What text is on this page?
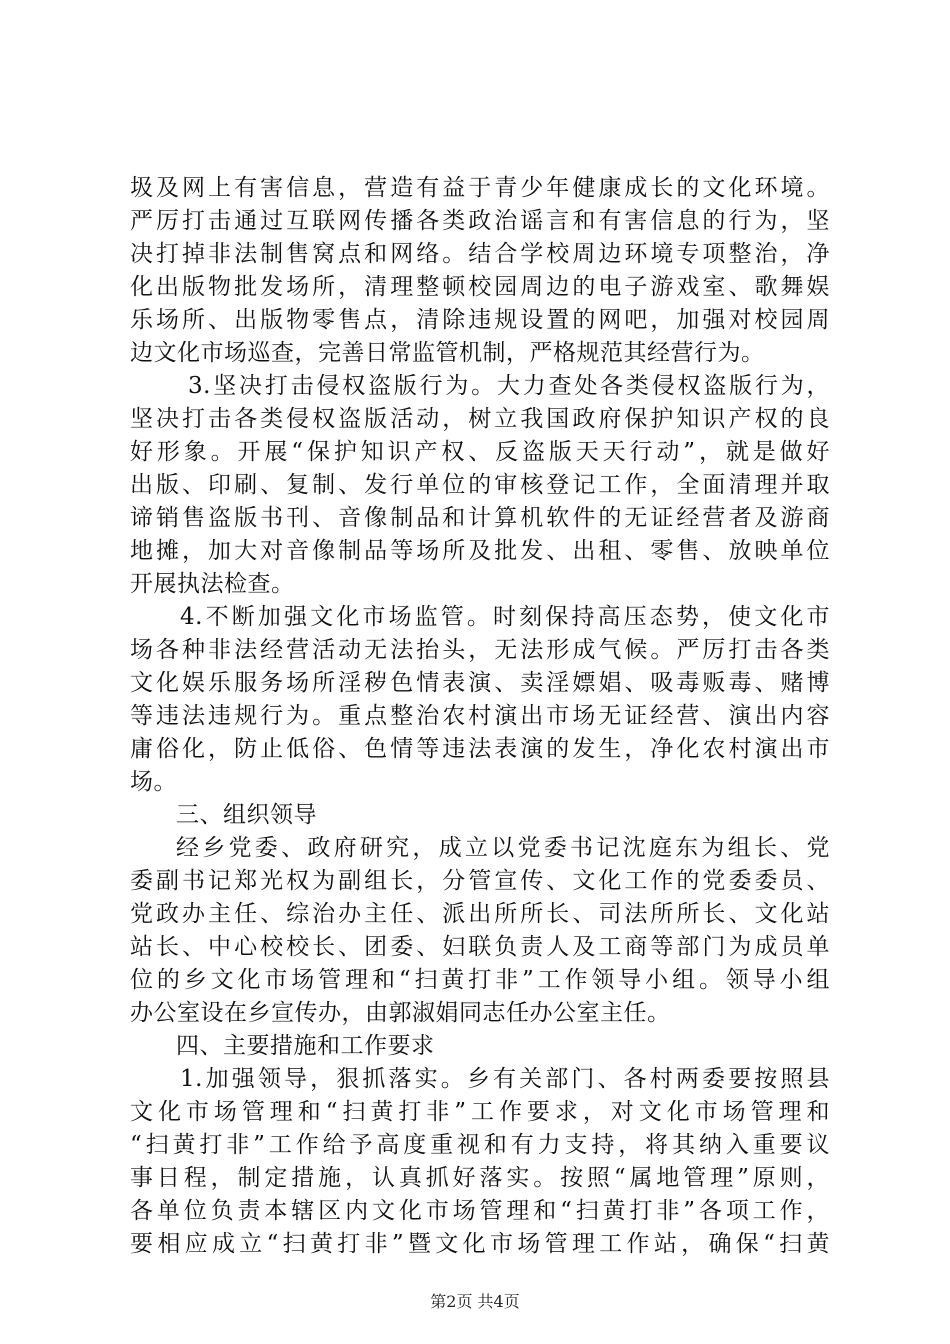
圾及网上有害信息，营造有益于青少年健康成长的文化环境。
严厉打击通过互联网传播各类政治谣言和有害信息的行为，坚
决打掉非法制售窝点和网络。结合学校周边环境专项整治，净
化出版物批发场所，清理整顿校园周边的电子游戏室、歌舞娱
乐场所、出版物零售点，清除违规设置的网吧，加强对校园周
边文化市场巡查，完善日常监管机制，严格规范其经营行为。
3.坚决打击侵权盗版行为。大力查处各类侵权盗版行为，
坚决打击各类侵权盗版活动，树立我国政府保护知识产权的良
好形象。开展“保护知识产权、反盗版天天行动”，就是做好
出版、印刷、复制、发行单位的审核登记工作，全面清理并取
谛销售盗版书刊、音像制品和计算机软件的无证经营者及游商
地摊，加大对音像制品等场所及批发、出租、零售、放映单位
开展执法检查。
4.不断加强文化市场监管。时刻保持高压态势，使文化市
场各种非法经营活动无法抬头，无法形成气候。严厉打击各类
文化娱乐服务场所淫秽色情表演、卖淫嫖娼、吸毒贩毒、赌博
等违法违规行为。重点整治农村演出市场无证经营、演出内容
庸俗化，防止低俗、色情等违法表演的发生，净化农村演出市
场。
三、组织领导
经乡党委、政府研究，成立以党委书记沈庭东为组长、党
委副书记郑光权为副组长，分管宣传、文化工作的党委委员、
党政办主任、综治办主任、派出所所长、司法所所长、文化站
站长、中心校校长、团委、妇联负责人及工商等部门为成员单
位的乡文化市场管理和“扫黄打非”工作领导小组。领导小组
办公室设在乡宣传办，由郭淑娟同志任办公室主任。
四、主要措施和工作要求
1.加强领导，狠抓落实。乡有关部门、各村两委要按照县
文化市场管理和“扫黄打非”工作要求，对文化市场管理和
“扫黄打非”工作给予高度重视和有力支持，将其纳入重要议
事日程，制定措施，认真抓好落实。按照“属地管理”原则，
各单位负责本辖区内文化市场管理和“扫黄打非”各项工作，
要相应成立“扫黄打非”暨文化市场管理工作站，确保“扫黄
第2页 共4页
